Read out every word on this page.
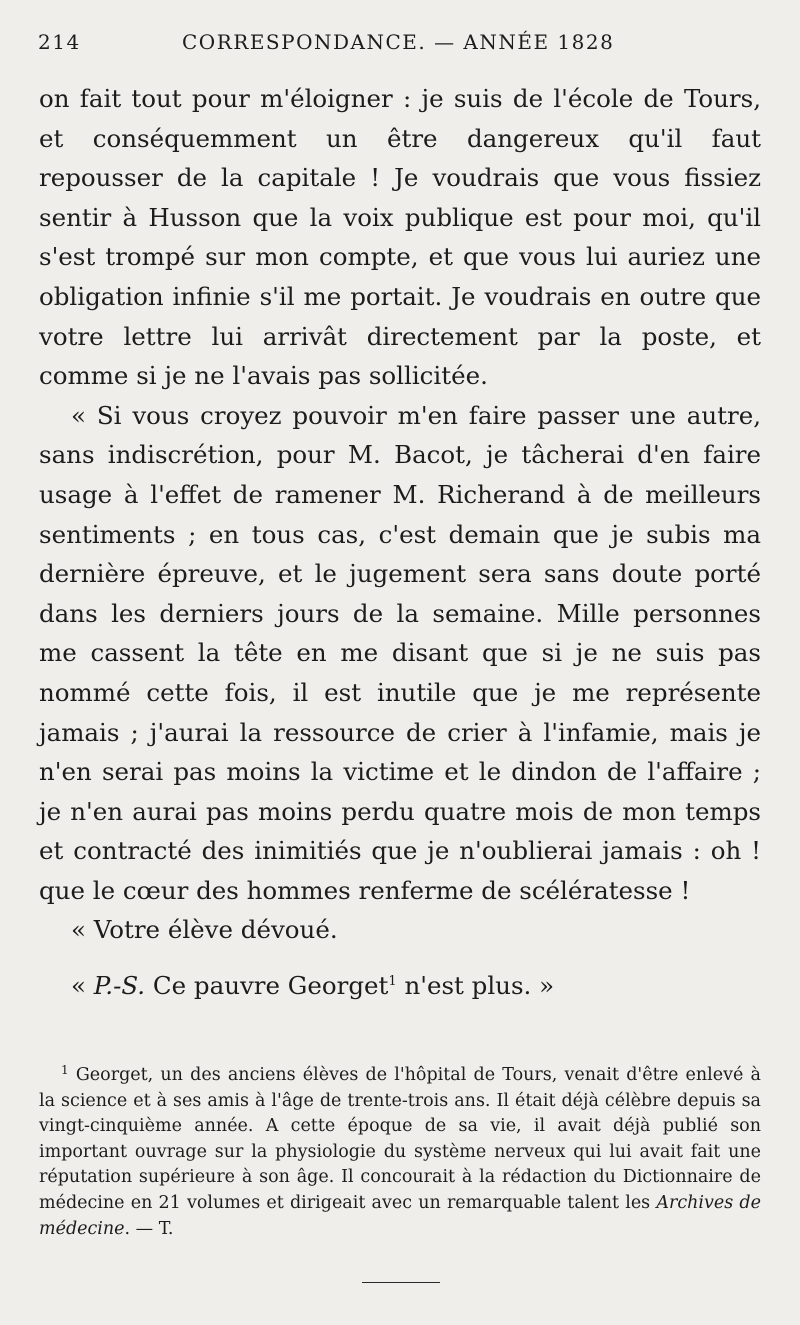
214	CORRESPONDANCE. — ANNÉE 1828

on fait tout pour m'éloigner : je suis de l'école de Tours, et conséquemment un être dangereux qu'il faut repousser de la capitale ! Je voudrais que vous fissiez sentir à Husson que la voix publique est pour moi, qu'il s'est trompé sur mon compte, et que vous lui auriez une obligation infinie s'il me portait. Je voudrais en outre que votre lettre lui arrivât directement par la poste, et comme si je ne l'avais pas sollicitée.

« Si vous croyez pouvoir m'en faire passer une autre, sans indiscrétion, pour M. Bacot, je tâcherai d'en faire usage à l'effet de ramener M. Richerand à de meilleurs sentiments ; en tous cas, c'est demain que je subis ma dernière épreuve, et le jugement sera sans doute porté dans les derniers jours de la semaine. Mille personnes me cassent la tête en me disant que si je ne suis pas nommé cette fois, il est inutile que je me représente jamais ; j'aurai la ressource de crier à l'infamie, mais je n'en serai pas moins la victime et le dindon de l'affaire ; je n'en aurai pas moins perdu quatre mois de mon temps et contracté des inimitiés que je n'oublierai jamais : oh ! que le cœur des hommes renferme de scélératesse !

« Votre élève dévoué.

« P.-S. Ce pauvre Georget$^1$ n'est plus. »

$^1$ Georget, un des anciens élèves de l'hôpital de Tours, venait d'être enlevé à la science et à ses amis à l'âge de trente-trois ans. Il était déjà célèbre depuis sa vingt-cinquième année. A cette époque de sa vie, il avait déjà publié son important ouvrage sur la physiologie du système nerveux qui lui avait fait une réputation supérieure à son âge. Il concourait à la rédaction du Dictionnaire de médecine en 21 volumes et dirigeait avec un remarquable talent les Archives de médecine. — T.
